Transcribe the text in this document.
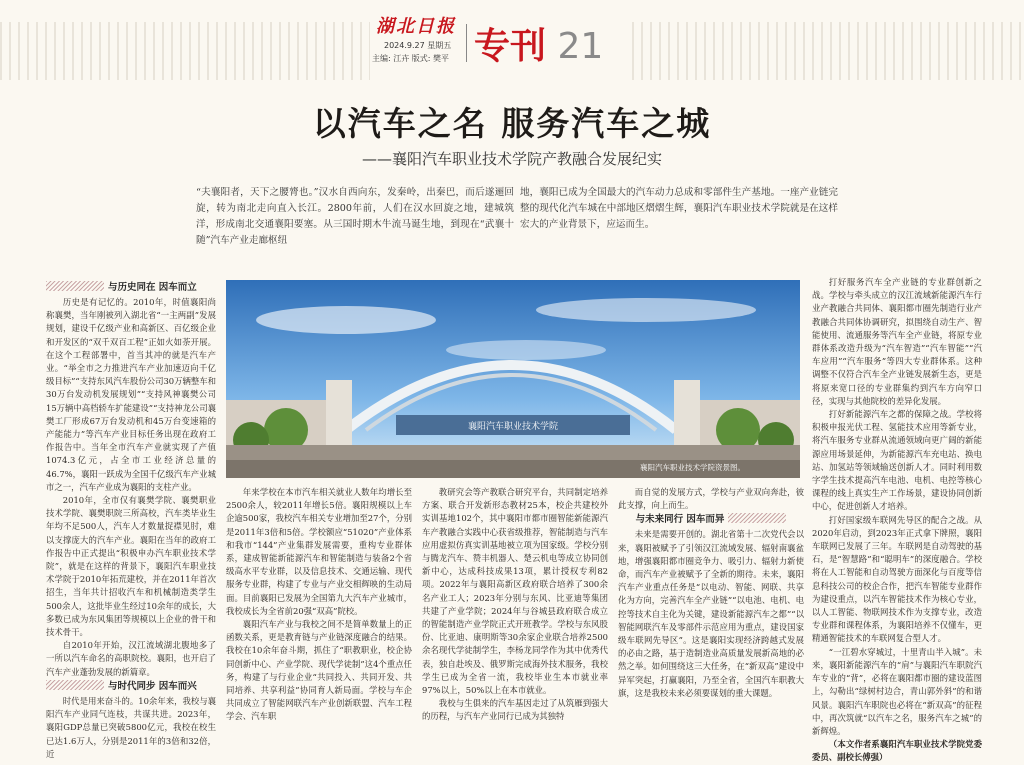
湖北日报
2024.9.27 星期五
主编: 江卉 版式: 樊平 专刊 21
以汽车之名 服务汽车之城
——襄阳汽车职业技术学院产教融合发展纪实
“夫襄阳者，天下之腰膂也。”汉水自西向东，发秦岭，出秦巴，而后遂逦回旋，转为南北走向直入长江。2800年前，人们在汉水回旋之地，建城筑洋，形成南北交通襄阳要塞。从三国时期木牛流马诞生地，到现在“武襄十随”汽车产业走廊枢纽
地，襄阳已成为全国最大的汽车动力总成和零部件生产基地。一座产业链完整的现代化汽车城在中部地区熠熠生辉，襄阳汽车职业技术学院就是在这样宏大的产业背景下，应运而生。
襄阳汽车职业技术学院
襄阳汽车职业技术学院资景图。
与历史同在 因车而立

历史是有记忆的。2010年，时值襄阳尚称襄樊，当年刚被列入湖北省“一主两副”发展规划，建设千亿级产业和高新区、百亿级企业和开发区的“双千双百工程”正如火如荼开展。在这个工程部署中，首当其冲的就是汽车产业。“举全市之力推进汽车产业加速迈向千亿级目标”“支持东风汽车股份公司30万辆整车和30万台发动机发展规划”“支持风神襄樊公司15万辆中高档轿车扩能建设”“支持神龙公司襄樊工厂形成67万台发动机和45万台变速箱的产能能力”等汽车产业目标任务出现在政府工作报告中。当年全市汽车产业就实现了产值1074.3亿元，占全市工业经济总量的46.7%，襄阳一跃成为全国千亿级汽车产业城市之一，汽车产业成为襄阳的支柱产业。

2010年，全市仅有襄樊学院、襄樊职业技术学院、襄樊职院三所高校，汽车类毕业生年均不足500人，汽车人才数量捉襟见肘，难以支撑庞大的汽车产业。襄阳在当年的政府工作报告中正式提出“积极申办汽车职业技术学院”，就是在这样的背景下，襄阳汽车职业技术学院于2010年拓荒建校，并在2011年首次招生，当年共计招收汽车和机械制造类学生500余人，这批毕业生经过10余年的成长，大多数已成为东风集团等规模以上企业的骨干和技术骨干。

自2010年开始，汉江流域湖北腹地多了一所以汽车命名的高职院校。襄阳，也开启了汽车产业蓬勃发展的新篇章。

与时代同步 因车而兴

时代是用来奋斗的。10余年来，我校与襄阳汽车产业同气连枝，共谋共进。2023年，襄阳GDP总量已突破5800亿元，我校在校生已达1.6万人，分别是2011年的3倍和32倍，近

年来学校在本市汽车相关就业人数年均增长至2500余人，较2011年增长5倍。襄阳规模以上车企逾500家，我校汽车相关专业增加至27个，分别是2011年3倍和5倍。学校额应“51020”产业体系和我市“144”产业集群发展需要，重构专业群体系，建成智能新能源汽车和智能制造与装备2个省级高水平专业群，以及信息技术、交通运输、现代服务专业群，构建了专业与产业交相辉映的生动局面。目前襄阳已发展为全国第九大汽车产业城市，我校成长为全省前20强“双高”院校。

襄阳汽车产业与我校之间不是简单数量上的正函数关系，更是教育链与产业链深度融合的结果。我校在10余年奋斗期，抓住了“职教职业，校企协同创新中心、产业学院、现代学徒制”这4个重点任务，构建了与行业企业“共同投入、共同开发、共同培养、共享利益”协同育人新局面。学校与车企共同成立了智能网联汽车产业创新联盟、汽车工程学会、汽车职

教研究会等产教联合研究平台，共同制定培养方案、联合开发新形态教材25本，校企共建校外实训基地102个，其中襄阳市都市圈智能新能源汽车产教融合实践中心获省级推荐，智能制造与汽车应用虚拟仿真实训基地被立项为国家级。学校分别与腾龙汽车、赞丰机器人、楚云机电等成立协同创新中心，达成科技成果13项，累计授权专利82项。2022年与襄阳高新区政府联合培养了300余名产业工人；2023年分别与东风、比亚迪等集团共建了产业学院；2024年与谷城县政府联合成立的智能制造产业学院正式开班教学。学校与东风股份、比亚迪、康明斯等30余家企业联合培养2500余名现代学徒制学生，李杨龙同学作为其中优秀代表，独自赴埃及、俄罗斯完成海外技术服务，我校学生已成为全省一流，我校毕业生本市就业率97%以上，50%以上在本市就业。

我校与生俱来的汽车基因走过了从筑雁到强大的历程，与汽车产业同行已成为其独特

而自觉的发展方式，学校与产业双向奔赴，彼此支撑，向上而生。

与未来同行 因车而异

未来是需要开创的。湖北省第十二次党代会以来，襄阳被赋予了引领汉江流域发展、辐射南襄盆地，增强襄阳都市圈竞争力、吸引力、辐射力新使命，而汽车产业被赋予了全新的期待。未来，襄阳汽车产业重点任务是“以电动、智能、网联、共享化为方向，完善汽车全产业链”“以电池、电机、电控等技术自主化为关键，建设新能源汽车之都”“以智能网联汽车及零部件示范应用为重点，建设国家级车联网先导区”。这是襄阳实现经济跨越式发展的必由之路，基于造制造业高质量发展新高地的必然之举。如何围绕这三大任务，在“新双高”建设中异军突起，打赢襄阳，乃至全省，全国汽车职教大旗，这是我校未来必须要谋划的重大课题。

打好服务汽车全产业链的专业群创新之战。学校与牵头成立的汉江流域新能源汽车行业产教融合共同体、襄阳都市圈先制造行业产教融合共同体协调研究，拟围绕自动生产、智能使用、流通服务等汽车全产业链，将原专业群体系改造升级为“汽车智造”“汽车智能”“汽车应用”“汽车服务”等四大专业群体系。这种调整不仅符合汽车全产业链发展新生态，更是将原来宽口径的专业群集约到汽车方向窄口径，实现与其他院校的差异化发展。

打好新能源汽车之都的保障之战。学校将积极申报光伏工程、氢能技术应用等新专业，将汽车服务专业群从流通领域向更广阔的新能源应用场景延伸，为新能源汽车充电站、换电站、加氢站等领域输送创新人才。同时利用数字学生技术提高汽车电池、电机、电控等核心课程的线上真实生产工作场景，建设协同创新中心，促进创新人才培养。

打好国家级车联网先导区的配合之战。从2020年启动，到2023年正式拿下牌照，襄阳车联网已发展了三年。车联网是自动驾驶的基石，是“智慧路”和“聪明车”的深度融合。学校将在人工智能和自动驾驶方面深化与百度等信息科技公司的校企合作，把汽车智能专业群作为建设重点，以汽车智能技术作为核心专业，以人工智能、物联网技术作为支撑专业，改造专业群和课程体系，为襄阳培养不仅懂车，更精通智能技术的车联网复合型人才。

“一江碧水穿城过，十里青山半入城”。未来，襄阳新能源汽车的“肩”与襄阳汽车职院汽车专业的“背”，必将在襄阳都市圈的建设蓝图上，勾勒出“绿树村边合，青山郭外斜”的和谐风景。襄阳汽车职院也必将在“新双高”的征程中，再次筑就“以汽车之名，服务汽车之城”的新辉煌。

（本文作者系襄阳汽车职业技术学院党委委员、副校长傅强）
